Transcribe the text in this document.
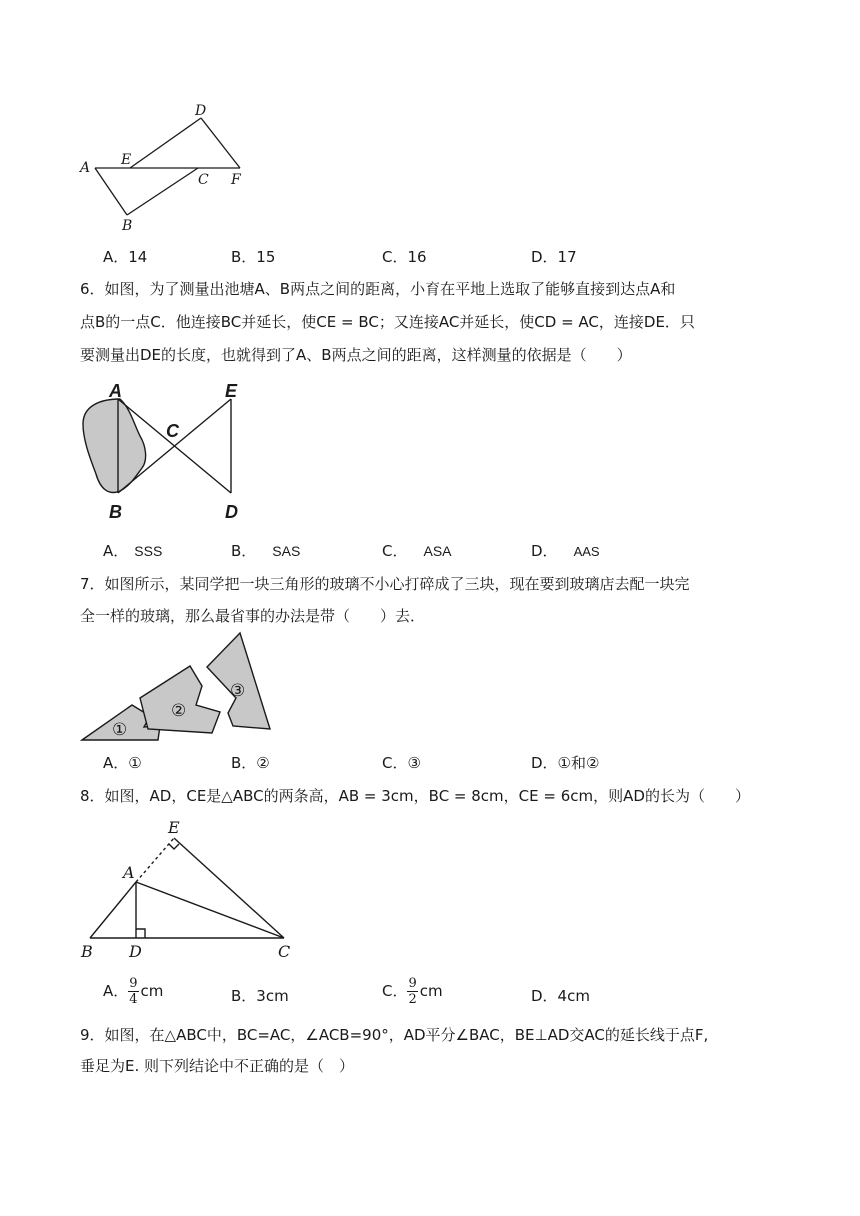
D
A E
C F
B
A．14	B．15	C．16	D．17
6．如图，为了测量出池塘A、B两点之间的距离，小育在平地上选取了能够直接到达点A和
点B的一点C．他连接BC并延长，使CE = BC；又连接AC并延长，使CD = AC，连接DE．只
要测量出DE的长度，也就得到了A、B两点之间的距离，这样测量的依据是（　　）
A	E
C
B	D
A． SSS	B． SAS	C． ASA	D． AAS
7．如图所示，某同学把一块三角形的玻璃不小心打碎成了三块，现在要到玻璃店去配一块完
全一样的玻璃，那么最省事的办法是带（　　）去．
①
②
③
A．①	B．②	C．③	D．①和②
8．如图，AD，CE是△ABC的两条高，AB = 3cm，BC = 8cm，CE = 6cm，则AD的长为（　　）
E
A
B D	C
A． $\frac{9}{4}$ cm	B．3cm	C． $\frac{9}{2}$ cm	D．4cm
9．如图，在△ABC中，BC=AC，∠ACB=90°，AD平分∠BAC，BE⊥AD交AC的延长线于点F,
垂足为E. 则下列结论中不正确的是（　）
